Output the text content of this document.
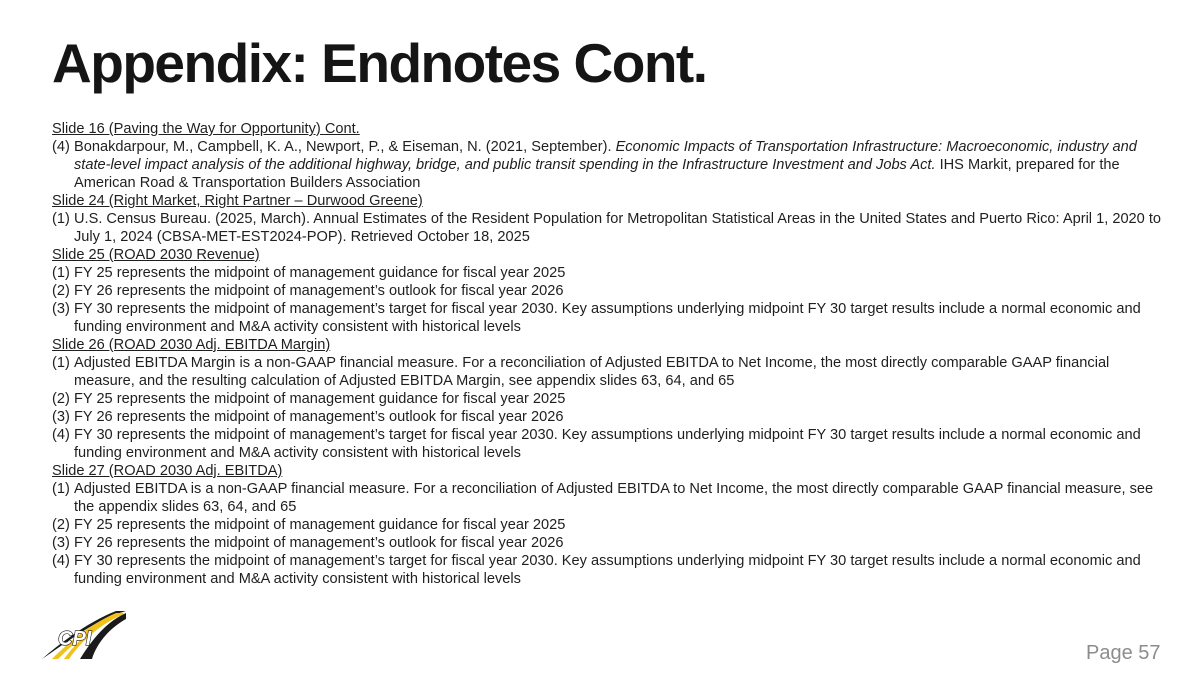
Appendix: Endnotes Cont.
Slide 16 (Paving the Way for Opportunity) Cont.
(4) Bonakdarpour, M., Campbell, K. A., Newport, P., & Eiseman, N. (2021, September). Economic Impacts of Transportation Infrastructure: Macroeconomic, industry and state-level impact analysis of the additional highway, bridge, and public transit spending in the Infrastructure Investment and Jobs Act. IHS Markit, prepared for the American Road & Transportation Builders Association
Slide 24 (Right Market, Right Partner – Durwood Greene)
(1) U.S. Census Bureau. (2025, March). Annual Estimates of the Resident Population for Metropolitan Statistical Areas in the United States and Puerto Rico: April 1, 2020 to July 1, 2024 (CBSA-MET-EST2024-POP). Retrieved October 18, 2025
Slide 25 (ROAD 2030 Revenue)
(1) FY 25 represents the midpoint of management guidance for fiscal year 2025
(2) FY 26 represents the midpoint of management’s outlook for fiscal year 2026
(3) FY 30 represents the midpoint of management’s target for fiscal year 2030. Key assumptions underlying midpoint FY 30 target results include a normal economic and funding environment and M&A activity consistent with historical levels
Slide 26 (ROAD 2030 Adj. EBITDA Margin)
(1) Adjusted EBITDA Margin is a non-GAAP financial measure. For a reconciliation of Adjusted EBITDA to Net Income, the most directly comparable GAAP financial measure, and the resulting calculation of Adjusted EBITDA Margin, see appendix slides 63, 64, and 65
(2) FY 25 represents the midpoint of management guidance for fiscal year 2025
(3) FY 26 represents the midpoint of management’s outlook for fiscal year 2026
(4) FY 30 represents the midpoint of management’s target for fiscal year 2030. Key assumptions underlying midpoint FY 30 target results include a normal economic and funding environment and M&A activity consistent with historical levels
Slide 27 (ROAD 2030 Adj. EBITDA)
(1) Adjusted EBITDA is a non-GAAP financial measure. For a reconciliation of Adjusted EBITDA to Net Income, the most directly comparable GAAP financial measure, see the appendix slides 63, 64, and 65
(2) FY 25 represents the midpoint of management guidance for fiscal year 2025
(3) FY 26 represents the midpoint of management’s outlook for fiscal year 2026
(4) FY 30 represents the midpoint of management’s target for fiscal year 2030. Key assumptions underlying midpoint FY 30 target results include a normal economic and funding environment and M&A activity consistent with historical levels
CPI
Page 57
